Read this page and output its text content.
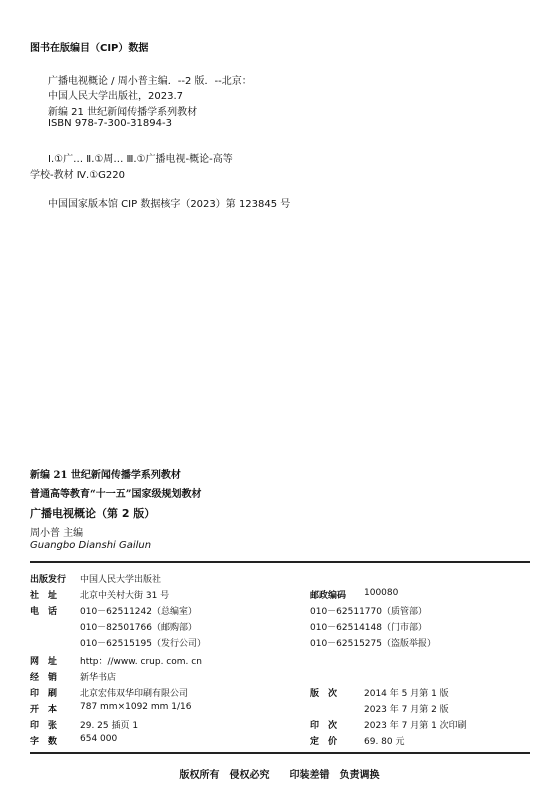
图书在版编目（CIP）数据
广播电视概论 / 周小普主编．--2 版．--北京：
中国人民大学出版社，2023.7
新编 21 世纪新闻传播学系列教材
ISBN 978-7-300-31894-3
Ⅰ.①广… Ⅱ.①周… Ⅲ.①广播电视-概论-高等
学校-教材 Ⅳ.①G220
中国国家版本馆 CIP 数据核字（2023）第 123845 号
新编 21 世纪新闻传播学系列教材
普通高等教育“十一五”国家级规划教材
广播电视概论（第 2 版）
周小普 主编
Guangbo Dianshi Gailun
出版发行 中国人民大学出版社
社　址	北京中关村大街 31 号
电　话	010－62511242（总编室）
010－82501766（邮购部）
010－62515195（发行公司）
网　址	http：//www. crup. com. cn
经　销	新华书店
印　刷	北京宏伟双华印刷有限公司
开　本	787 mm×1092 mm 1/16
印　张	29. 25 插页 1
字　数	654 000
邮政编码 100080
010－62511770（质管部）
010－62514148（门市部）
010－62515275（盗版举报）
版　次	2014 年 5 月第 1 版
2023 年 7 月第 2 版
印　次	2023 年 7 月第 1 次印刷
定　价	69. 80 元
版权所有　侵权必究　　印装差错　负责调换
